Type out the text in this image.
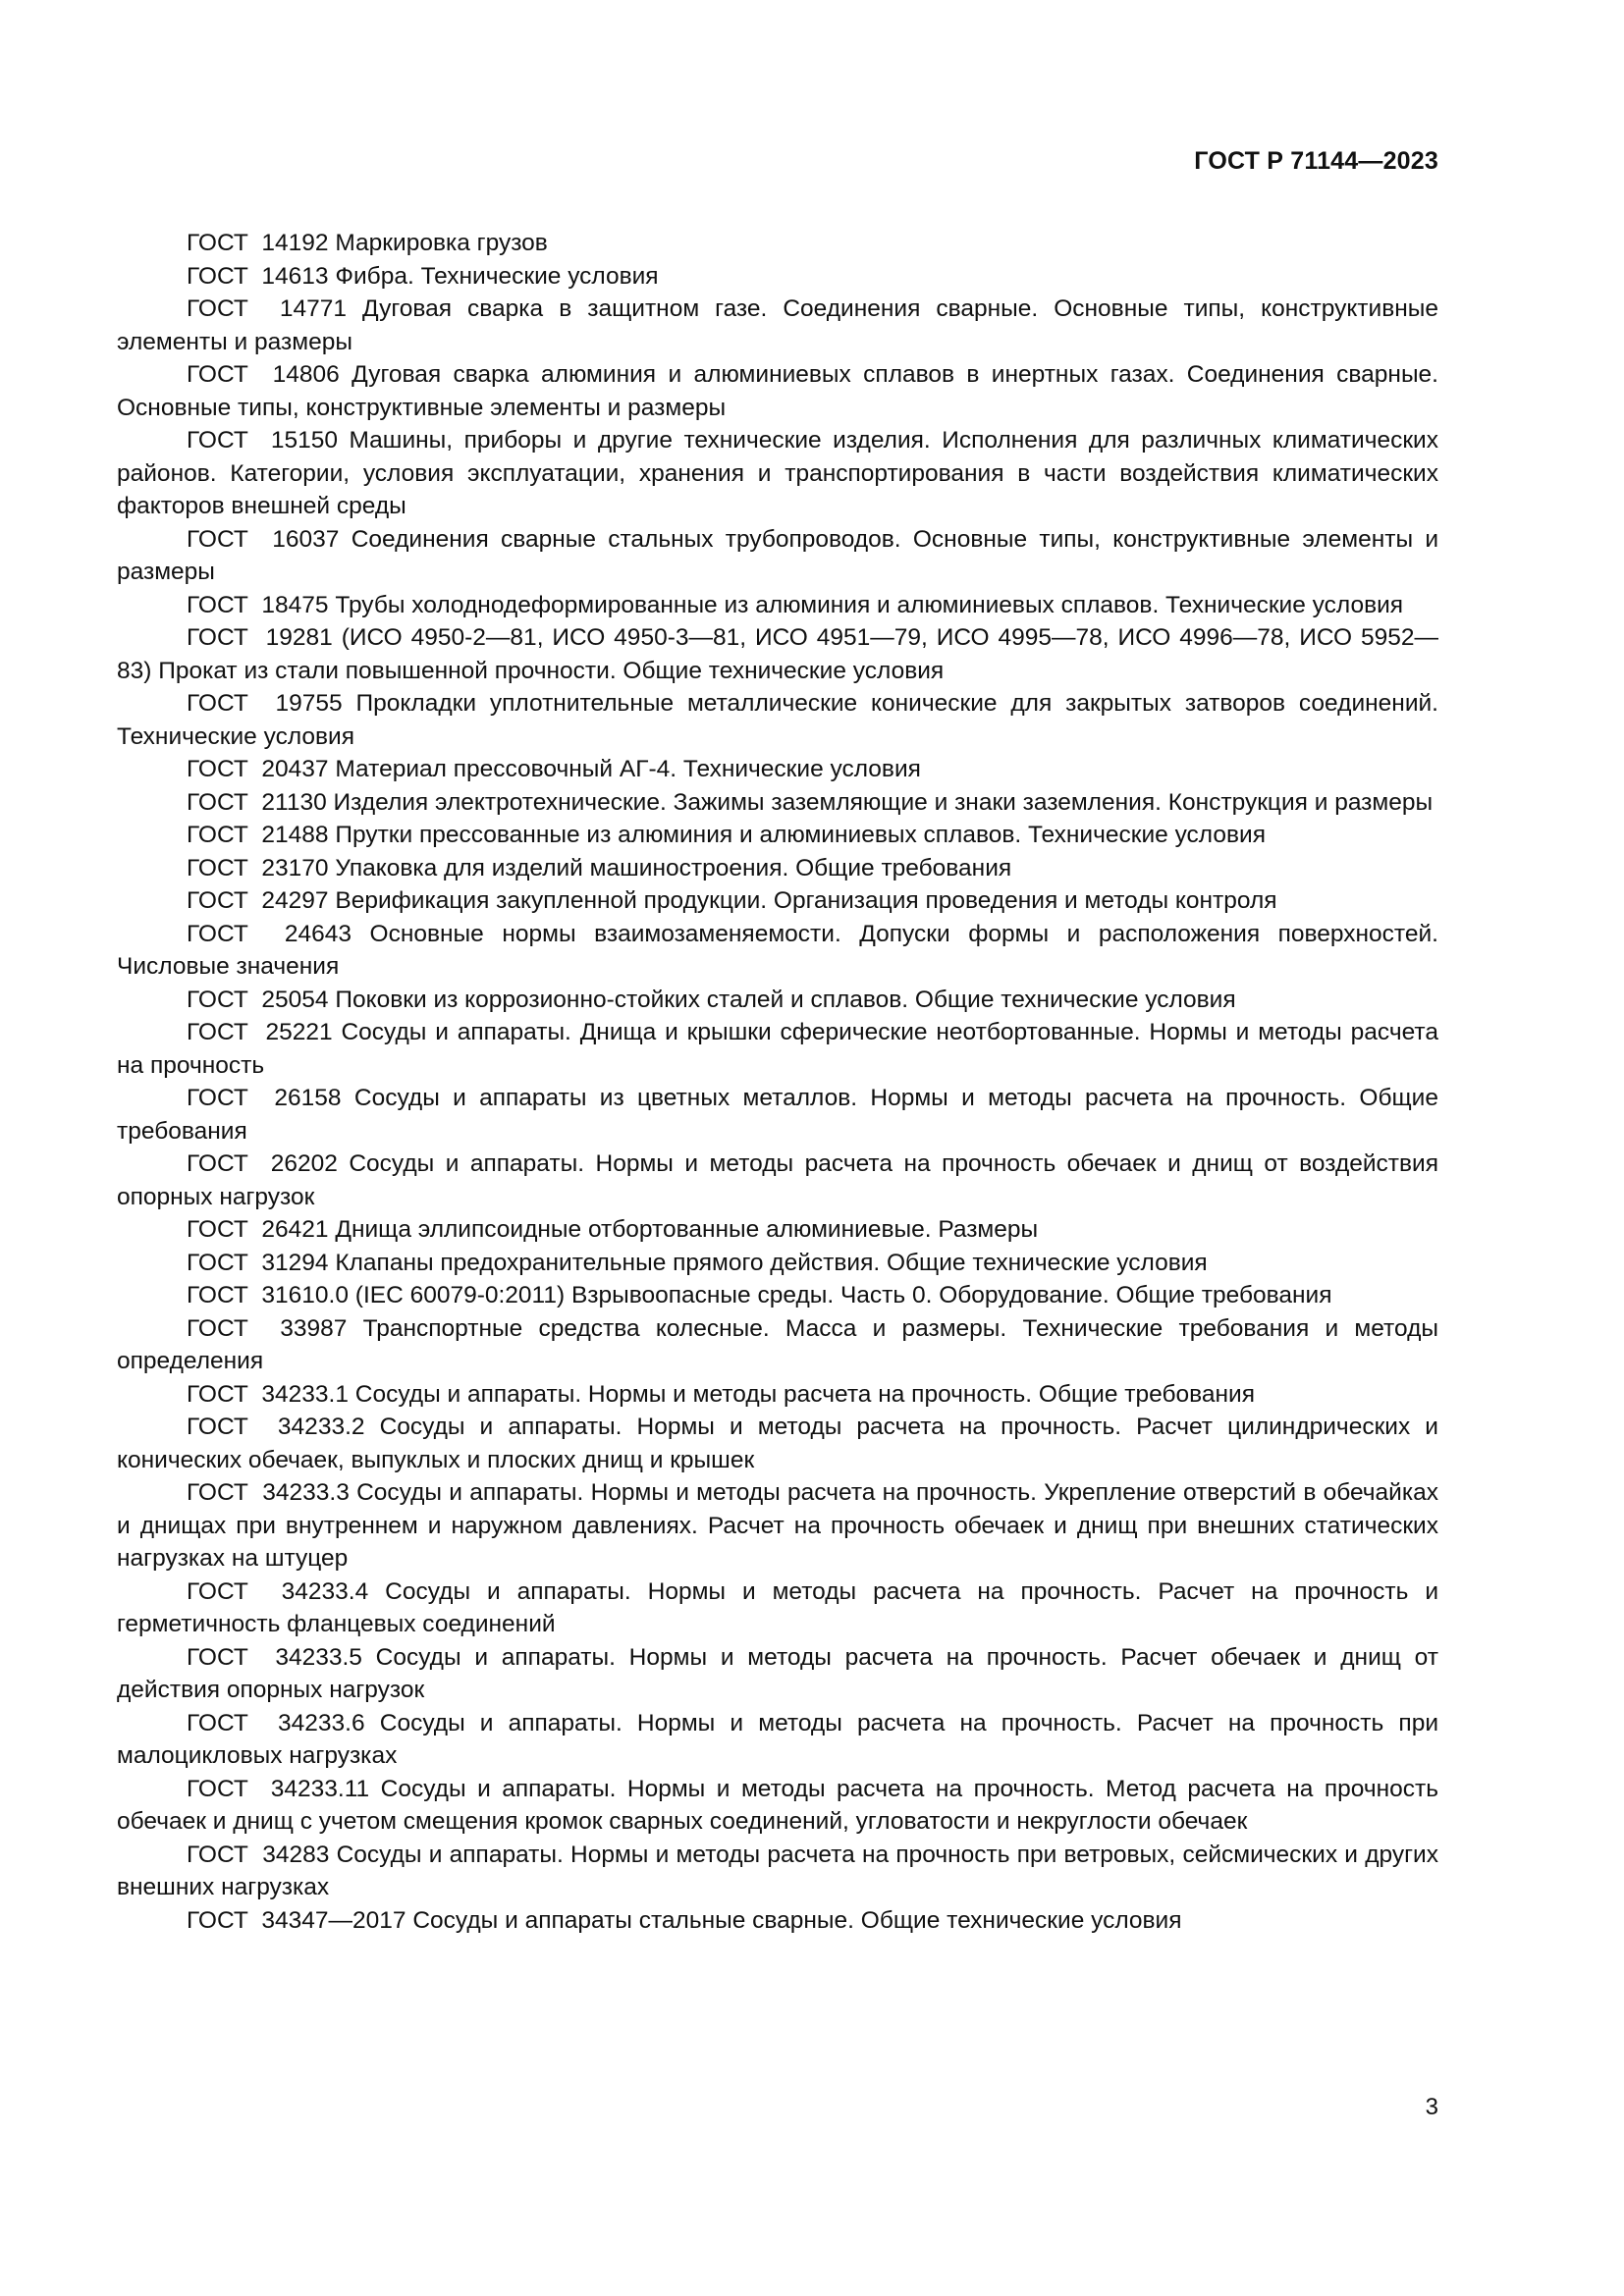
ГОСТ Р 71144—2023

ГОСТ  14192 Маркировка грузов

ГОСТ  14613 Фибра. Технические условия

ГОСТ  14771 Дуговая сварка в защитном газе. Соединения сварные. Основные типы, конструктивные элементы и размеры

ГОСТ  14806 Дуговая сварка алюминия и алюминиевых сплавов в инертных газах. Соединения сварные. Основные типы, конструктивные элементы и размеры

ГОСТ  15150 Машины, приборы и другие технические изделия. Исполнения для различных климатических районов. Категории, условия эксплуатации, хранения и транспортирования в части воздействия климатических факторов внешней среды

ГОСТ  16037 Соединения сварные стальных трубопроводов. Основные типы, конструктивные элементы и размеры

ГОСТ  18475 Трубы холоднодеформированные из алюминия и алюминиевых сплавов. Технические условия

ГОСТ  19281 (ИСО 4950-2—81, ИСО 4950-3—81, ИСО 4951—79, ИСО 4995—78, ИСО 4996—78, ИСО 5952—83) Прокат из стали повышенной прочности. Общие технические условия

ГОСТ  19755 Прокладки уплотнительные металлические конические для закрытых затворов соединений. Технические условия

ГОСТ  20437 Материал прессовочный АГ-4. Технические условия

ГОСТ  21130 Изделия электротехнические. Зажимы заземляющие и знаки заземления. Конструкция и размеры

ГОСТ  21488 Прутки прессованные из алюминия и алюминиевых сплавов. Технические условия

ГОСТ  23170 Упаковка для изделий машиностроения. Общие требования

ГОСТ  24297 Верификация закупленной продукции. Организация проведения и методы контроля

ГОСТ  24643 Основные нормы взаимозаменяемости. Допуски формы и расположения поверхностей. Числовые значения

ГОСТ  25054 Поковки из коррозионно-стойких сталей и сплавов. Общие технические условия

ГОСТ  25221 Сосуды и аппараты. Днища и крышки сферические неотбортованные. Нормы и методы расчета на прочность

ГОСТ  26158 Сосуды и аппараты из цветных металлов. Нормы и методы расчета на прочность. Общие требования

ГОСТ  26202 Сосуды и аппараты. Нормы и методы расчета на прочность обечаек и днищ от воздействия опорных нагрузок

ГОСТ  26421 Днища эллипсоидные отбортованные алюминиевые. Размеры

ГОСТ  31294 Клапаны предохранительные прямого действия. Общие технические условия

ГОСТ  31610.0 (IEC 60079-0:2011) Взрывоопасные среды. Часть 0. Оборудование. Общие требования

ГОСТ  33987 Транспортные средства колесные. Масса и размеры. Технические требования и методы определения

ГОСТ  34233.1 Сосуды и аппараты. Нормы и методы расчета на прочность. Общие требования

ГОСТ  34233.2 Сосуды и аппараты. Нормы и методы расчета на прочность. Расчет цилиндрических и конических обечаек, выпуклых и плоских днищ и крышек

ГОСТ  34233.3 Сосуды и аппараты. Нормы и методы расчета на прочность. Укрепление отверстий в обечайках и днищах при внутреннем и наружном давлениях. Расчет на прочность обечаек и днищ при внешних статических нагрузках на штуцер

ГОСТ  34233.4 Сосуды и аппараты. Нормы и методы расчета на прочность. Расчет на прочность и герметичность фланцевых соединений

ГОСТ  34233.5 Сосуды и аппараты. Нормы и методы расчета на прочность. Расчет обечаек и днищ от действия опорных нагрузок

ГОСТ  34233.6 Сосуды и аппараты. Нормы и методы расчета на прочность. Расчет на прочность при малоцикловых нагрузках

ГОСТ  34233.11 Сосуды и аппараты. Нормы и методы расчета на прочность. Метод расчета на прочность обечаек и днищ с учетом смещения кромок сварных соединений, угловатости и некруглости обечаек

ГОСТ  34283 Сосуды и аппараты. Нормы и методы расчета на прочность при ветровых, сейсмических и других внешних нагрузках

ГОСТ  34347—2017 Сосуды и аппараты стальные сварные. Общие технические условия

3
